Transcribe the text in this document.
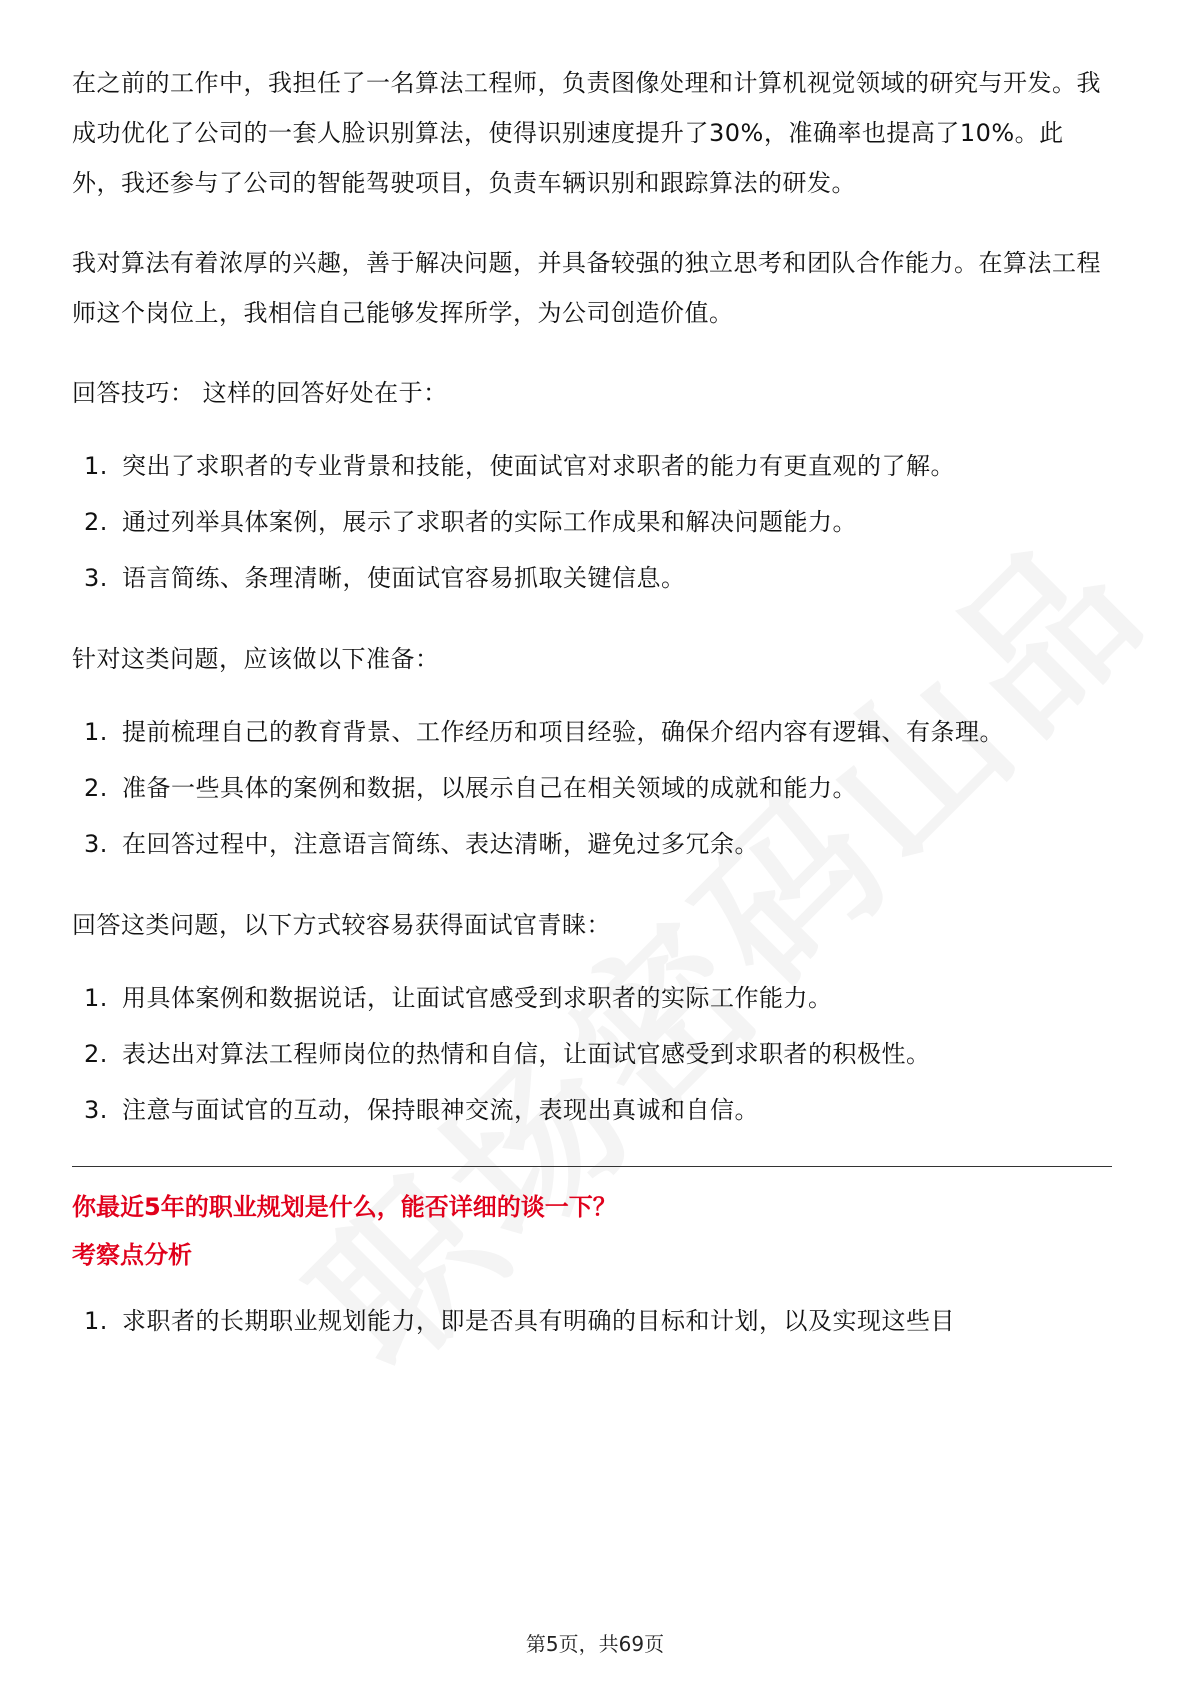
在之前的工作中，我担任了一名算法工程师，负责图像处理和计算机视觉领域的研究与开发。我成功优化了公司的一套人脸识别算法，使得识别速度提升了30%，准确率也提高了10%。此外，我还参与了公司的智能驾驶项目，负责车辆识别和跟踪算法的研发。

我对算法有着浓厚的兴趣，善于解决问题，并具备较强的独立思考和团队合作能力。在算法工程师这个岗位上，我相信自己能够发挥所学，为公司创造价值。

回答技巧： 这样的回答好处在于：
1. 突出了求职者的专业背景和技能，使面试官对求职者的能力有更直观的了解。
2. 通过列举具体案例，展示了求职者的实际工作成果和解决问题能力。
3. 语言简练、条理清晰，使面试官容易抓取关键信息。
针对这类问题，应该做以下准备：
1. 提前梳理自己的教育背景、工作经历和项目经验，确保介绍内容有逻辑、有条理。
2. 准备一些具体的案例和数据，以展示自己在相关领域的成就和能力。
3. 在回答过程中，注意语言简练、表达清晰，避免过多冗余。
回答这类问题，以下方式较容易获得面试官青睐：
1. 用具体案例和数据说话，让面试官感受到求职者的实际工作能力。
2. 表达出对算法工程师岗位的热情和自信，让面试官感受到求职者的积极性。
3. 注意与面试官的互动，保持眼神交流，表现出真诚和自信。
你最近5年的职业规划是什么，能否详细的谈一下？
考察点分析
1. 求职者的长期职业规划能力，即是否具有明确的目标和计划，以及实现这些目
第5页，共69页
